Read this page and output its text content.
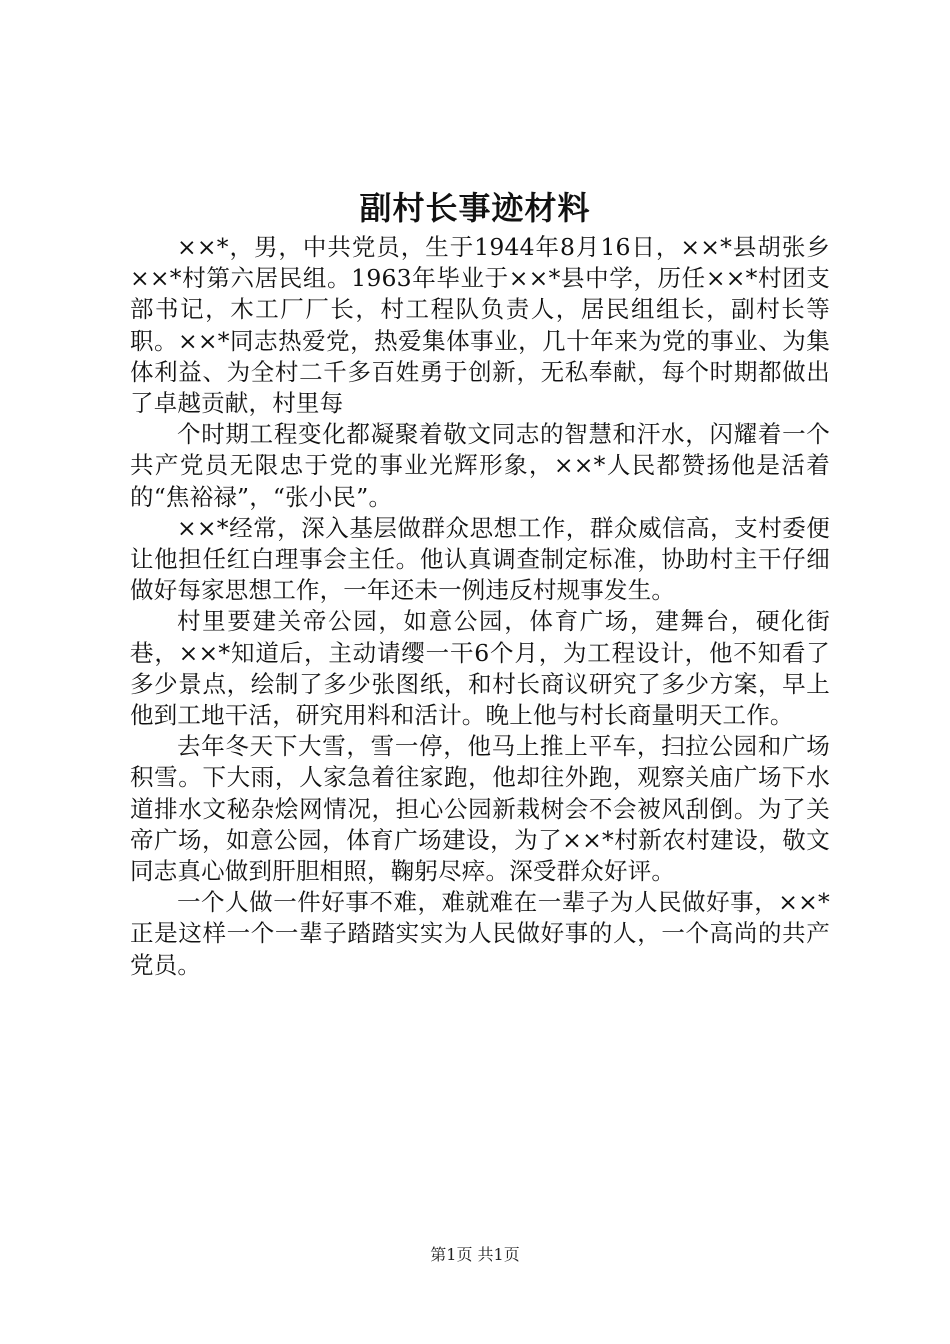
副村长事迹材料

××*，男，中共党员，生于1944年8月16日，××*县胡张乡××*村第六居民组。1963年毕业于××*县中学，历任××*村团支部书记，木工厂厂长，村工程队负责人，居民组组长，副村长等职。××*同志热爱党，热爱集体事业，几十年来为党的事业、为集体利益、为全村二千多百姓勇于创新，无私奉献，每个时期都做出了卓越贡献，村里每

个时期工程变化都凝聚着敬文同志的智慧和汗水，闪耀着一个共产党员无限忠于党的事业光辉形象，××*人民都赞扬他是活着的“焦裕禄”，“张小民”。

××*经常，深入基层做群众思想工作，群众威信高，支村委便让他担任红白理事会主任。他认真调查制定标准，协助村主干仔细做好每家思想工作，一年还未一例违反村规事发生。

村里要建关帝公园，如意公园，体育广场，建舞台，硬化街巷，××*知道后，主动请缨一干6个月，为工程设计，他不知看了多少景点，绘制了多少张图纸，和村长商议研究了多少方案，早上他到工地干活，研究用料和活计。晚上他与村长商量明天工作。

去年冬天下大雪，雪一停，他马上推上平车，扫拉公园和广场积雪。下大雨，人家急着往家跑，他却往外跑，观察关庙广场下水道排水文秘杂烩网情况，担心公园新栽树会不会被风刮倒。为了关帝广场，如意公园，体育广场建设，为了××*村新农村建设，敬文同志真心做到肝胆相照，鞠躬尽瘁。深受群众好评。

一个人做一件好事不难，难就难在一辈子为人民做好事，××*正是这样一个一辈子踏踏实实为人民做好事的人，一个高尚的共产党员。

第1页 共1页
